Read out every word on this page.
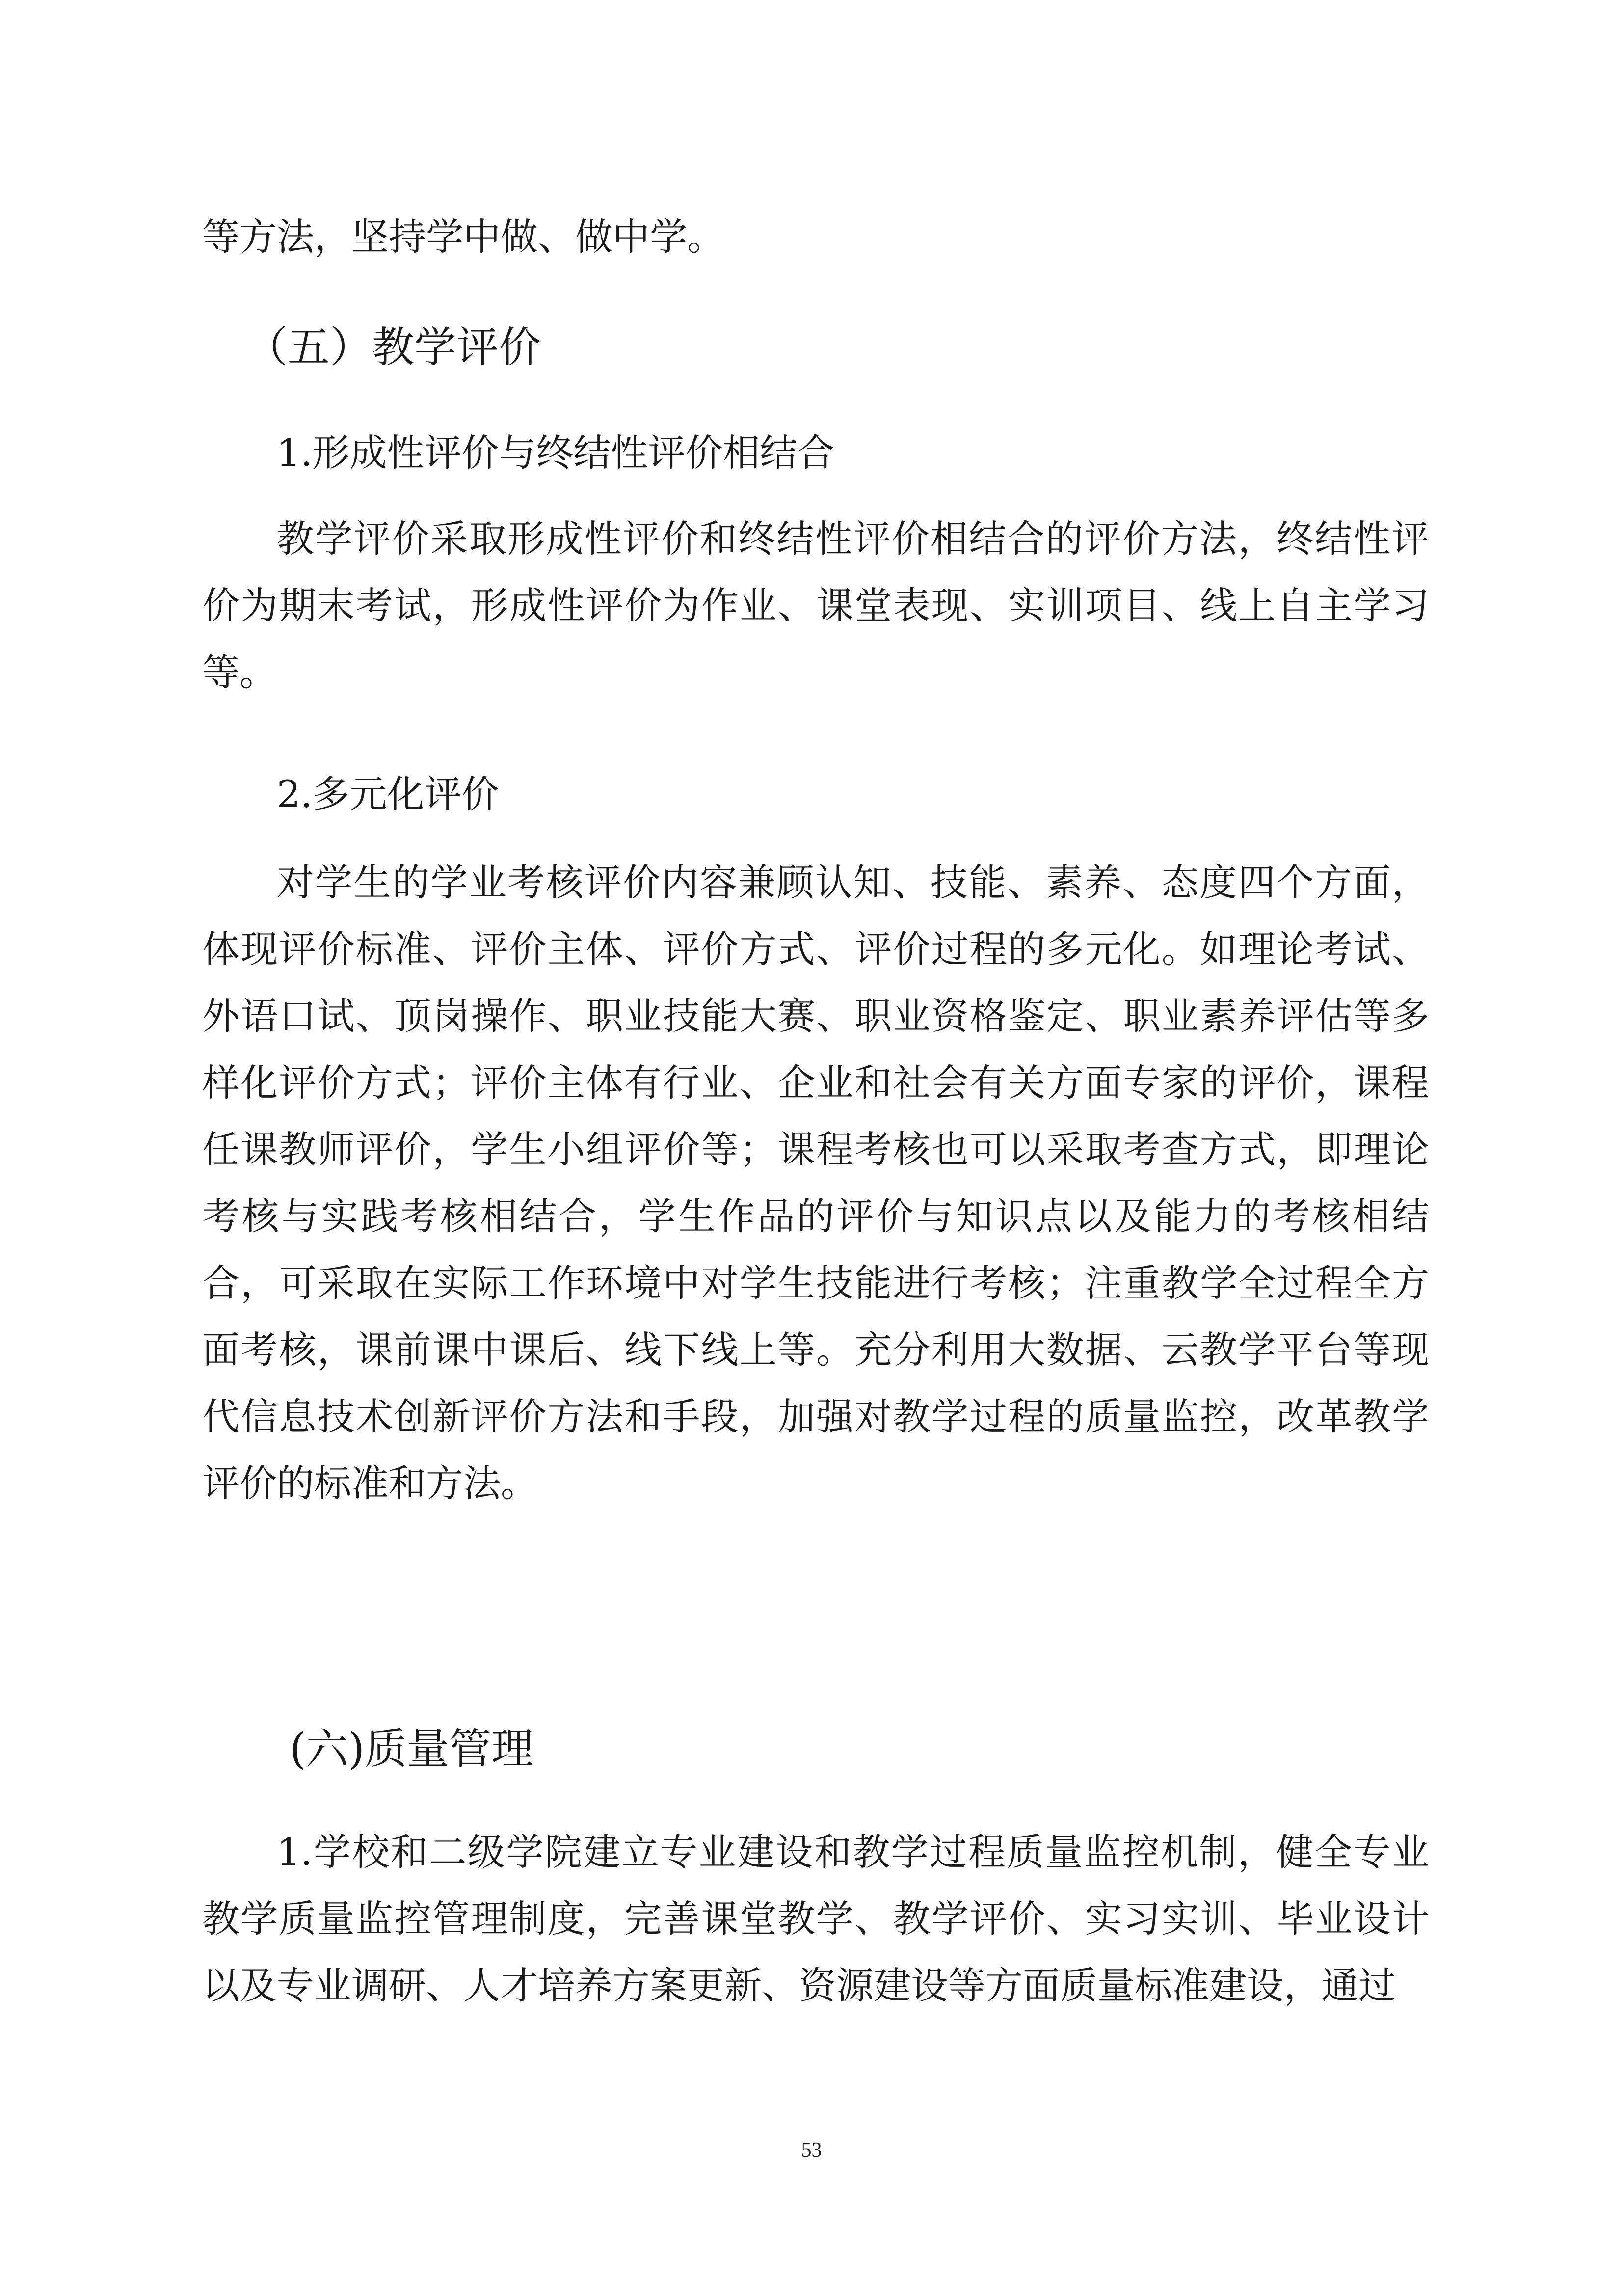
等方法，坚持学中做、做中学。

（五）教学评价

1.形成性评价与终结性评价相结合

教学评价采取形成性评价和终结性评价相结合的评价方法，终结性评价为期末考试，形成性评价为作业、课堂表现、实训项目、线上自主学习等。

2.多元化评价

对学生的学业考核评价内容兼顾认知、技能、素养、态度四个方面，体现评价标准、评价主体、评价方式、评价过程的多元化。如理论考试、外语口试、顶岗操作、职业技能大赛、职业资格鉴定、职业素养评估等多样化评价方式；评价主体有行业、企业和社会有关方面专家的评价，课程任课教师评价，学生小组评价等；课程考核也可以采取考查方式，即理论考核与实践考核相结合，学生作品的评价与知识点以及能力的考核相结合，可采取在实际工作环境中对学生技能进行考核；注重教学全过程全方面考核，课前课中课后、线下线上等。充分利用大数据、云教学平台等现代信息技术创新评价方法和手段，加强对教学过程的质量监控，改革教学评价的标准和方法。

(六)质量管理

1.学校和二级学院建立专业建设和教学过程质量监控机制，健全专业教学质量监控管理制度，完善课堂教学、教学评价、实习实训、毕业设计以及专业调研、人才培养方案更新、资源建设等方面质量标准建设，通过

53
